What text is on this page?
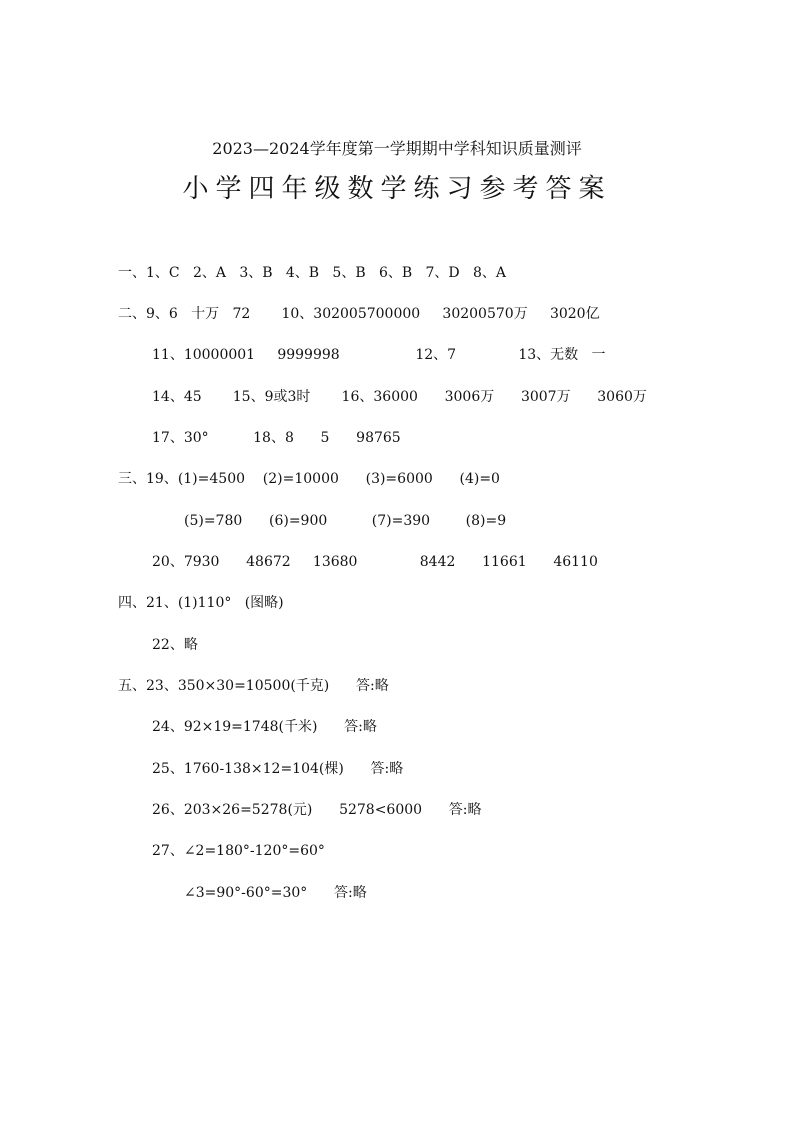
2023—2024学年度第一学期期中学科知识质量测评
小学四年级数学练习参考答案
一、1、C   2、A   3、B   4、B   5、B   6、B   7、D   8、A
二、9、6   十万   72       10、302005700000     30200570万     3020亿
11、10000001     9999998                 12、7              13、无数   一
14、45       15、9或3时       16、36000      3006万      3007万      3060万
17、30°          18、8      5      98765
三、19、(1)=4500    (2)=10000      (3)=6000      (4)=0
(5)=780      (6)=900          (7)=390        (8)=9
20、7930      48672     13680              8442      11661      46110
四、21、(1)110°   (图略)
22、略
五、23、350×30=10500(千克)      答:略
24、92×19=1748(千米)      答:略
25、1760-138×12=104(棵)      答:略
26、203×26=5278(元)      5278<6000      答:略
27、∠2=180°-120°=60°
∠3=90°-60°=30°      答:略
